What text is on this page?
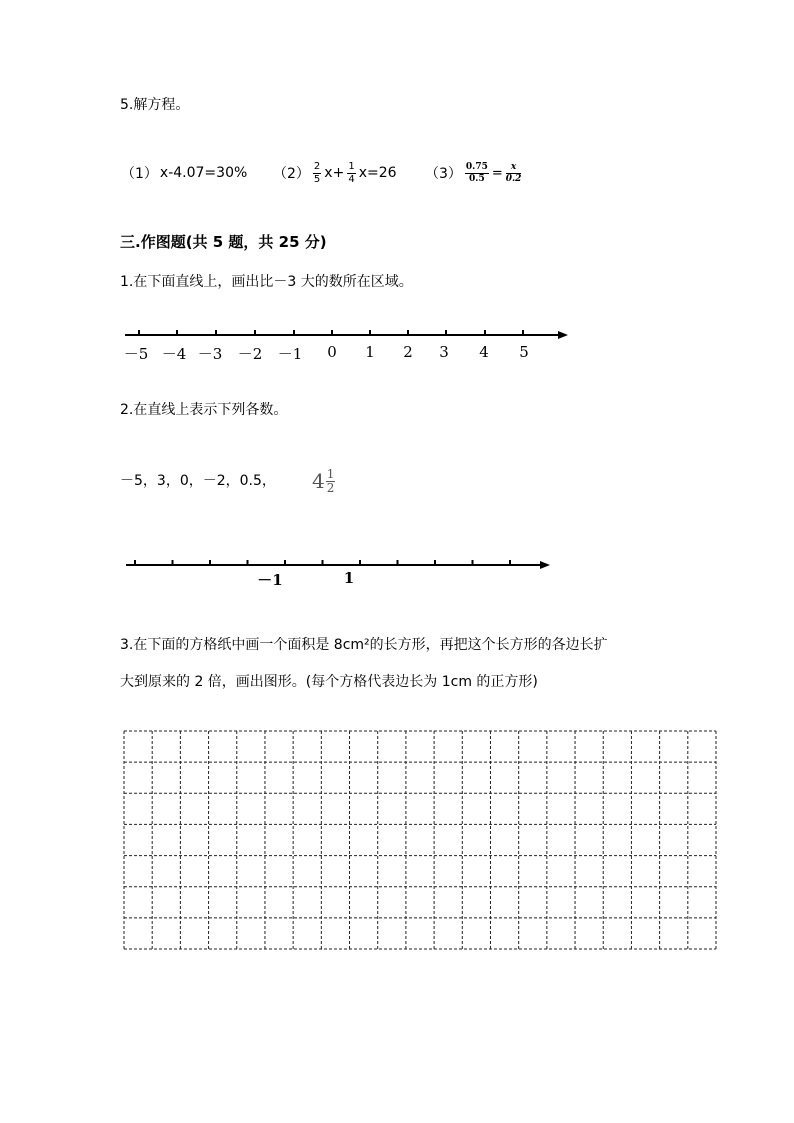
5.解方程。
（1） x-4.07=30% $(2) \frac{2}{5} x+ \frac{1}{4} x=26$ $(3) \frac{0.75}{0.5} = \frac{x}{0.2}$
三.作图题(共 5 题，共 25 分)
1.在下面直线上，画出比－3 大的数所在区域。
2.在直线上表示下列各数。
－5，3，0，－2，0.5， $4 \frac{1}{2}$
3.在下面的方格纸中画一个面积是 8cm²的长方形，再把这个长方形的各边长扩
大到原来的 2 倍，画出图形。(每个方格代表边长为 1cm 的正方形)
－5 －4 －3 －2 －1 0 1 2 3 4 5
－1	1
